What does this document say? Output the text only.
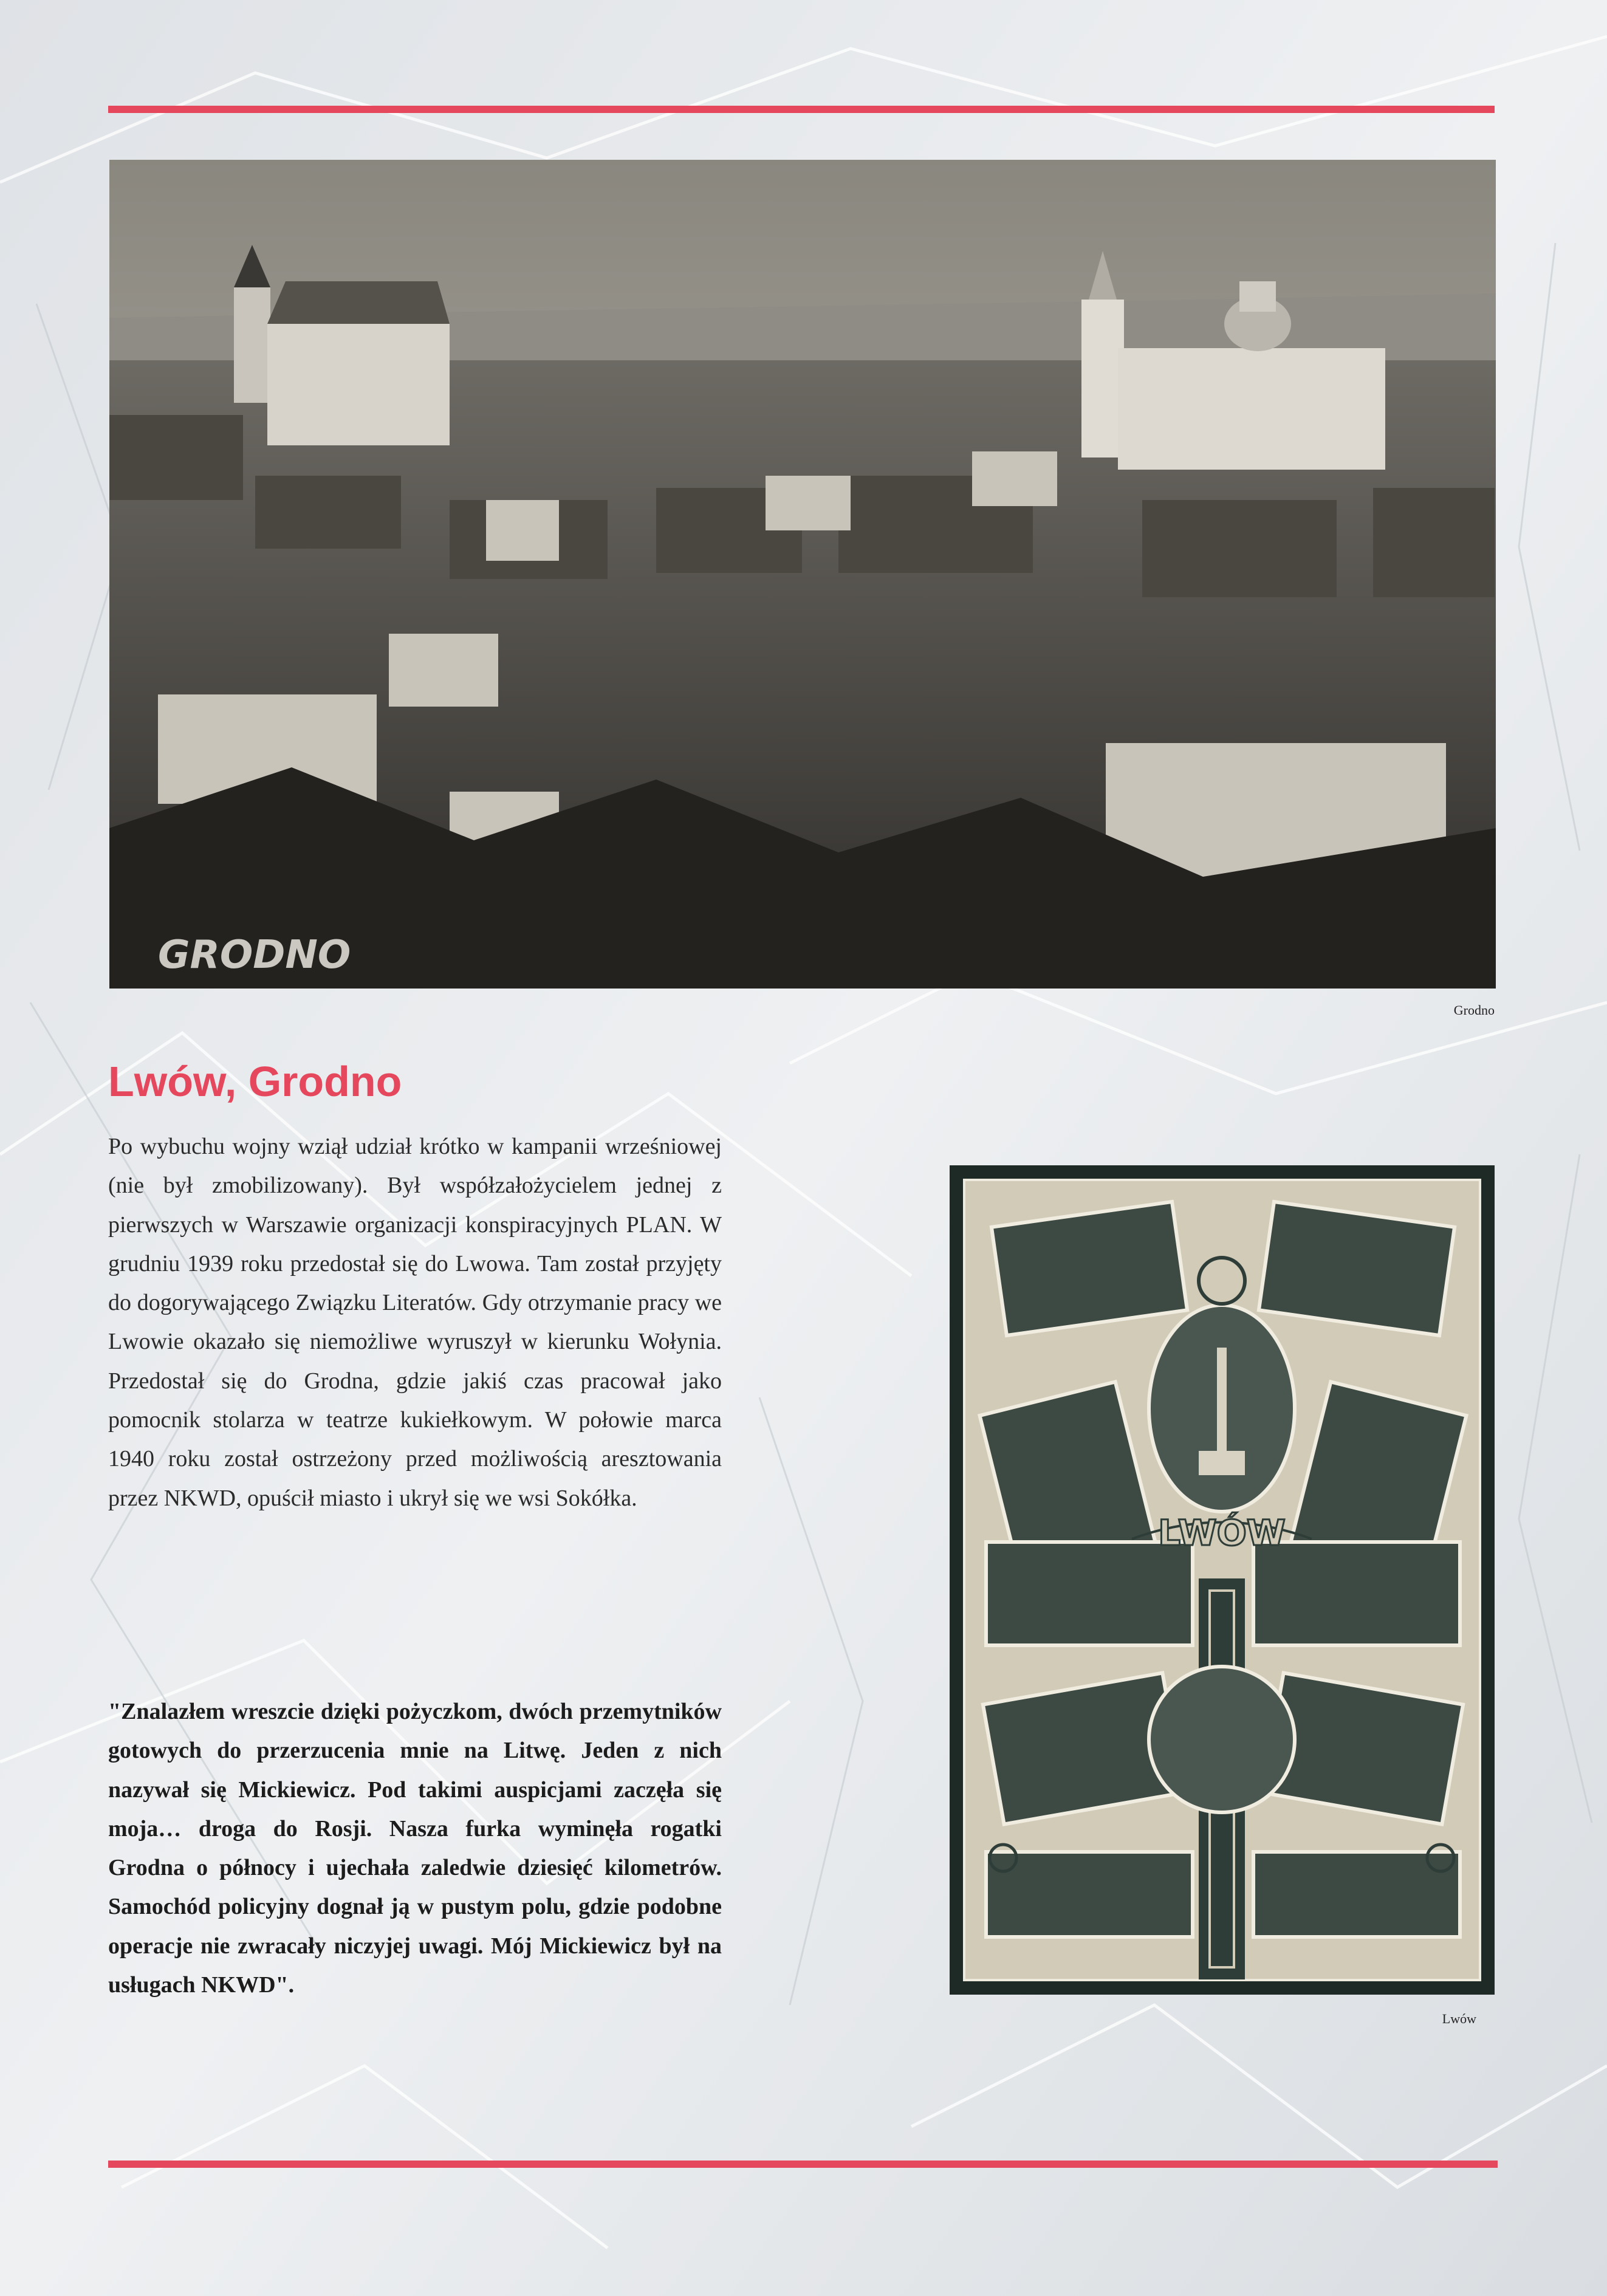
GRODNO
Grodno
Lwów, Grodno

Po wybuchu wojny wziął udział krótko w kampanii wrześniowej (nie był zmobilizowany). Był współzałożycielem jednej z pierwszych w Warszawie organizacji konspiracyjnych PLAN. W grudniu 1939 roku przedostał się do Lwowa. Tam został przyjęty do dogorywającego Związku Literatów. Gdy otrzymanie pracy we Lwowie okazało się niemożliwe wyruszył w kierunku Wołynia. Przedostał się do Grodna, gdzie jakiś czas pracował jako pomocnik stolarza w teatrze kukiełkowym. W połowie marca 1940 roku został ostrzeżony przed możliwością aresztowania przez NKWD, opuścił miasto i ukrył się we wsi Sokółka.

"Znalazłem wreszcie dzięki pożyczkom, dwóch przemytników gotowych do przerzucenia mnie na Litwę. Jeden z nich nazywał się Mickiewicz. Pod takimi auspicjami zaczęła się moja… droga do Rosji. Nasza furka wyminęła rogatki Grodna o północy i ujechała zaledwie dziesięć kilometrów. Samochód policyjny dognał ją w pustym polu, gdzie podobne operacje nie zwracały niczyjej uwagi. Mój Mickiewicz był na usługach NKWD".

LWÓW
Lwów
